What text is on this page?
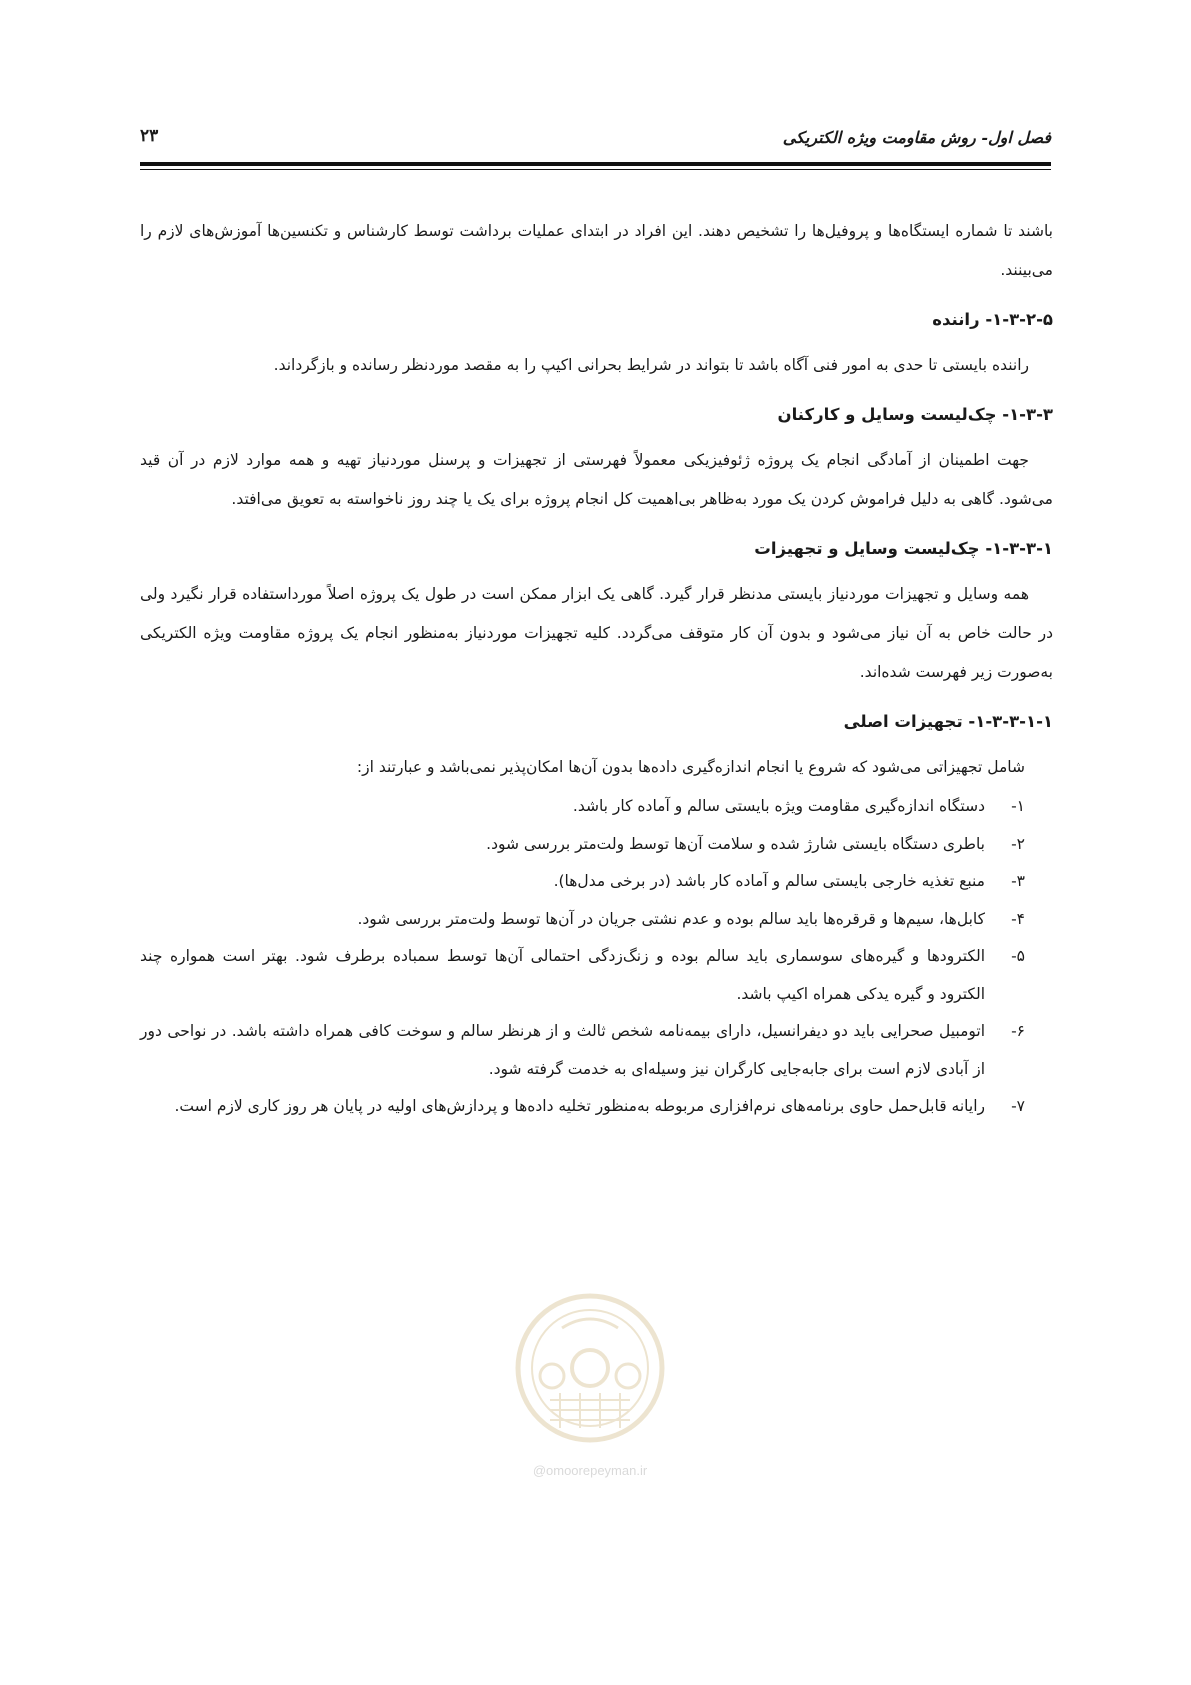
فصل اول- روش مقاومت ویژه الکتریکی
۲۳

باشند تا شماره ایستگاه‌ها و پروفیل‌ها را تشخیص دهند. این افراد در ابتدای عملیات برداشت توسط کارشناس و تکنسین‌ها آموزش‌های لازم را می‌بینند.

۱-۳-۲-۵- راننده

راننده بایستی تا حدی به امور فنی آگاه باشد تا بتواند در شرایط بحرانی اکیپ را به مقصد موردنظر رسانده و بازگرداند.

۱-۳-۳- چک‌لیست وسایل و کارکنان

جهت اطمینان از آمادگی انجام یک پروژه ژئوفیزیکی معمولاً فهرستی از تجهیزات و پرسنل موردنیاز تهیه و همه موارد لازم در آن قید می‌شود. گاهی به دلیل فراموش کردن یک مورد به‌ظاهر بی‌اهمیت کل انجام پروژه برای یک یا چند روز ناخواسته به تعویق می‌افتد.

۱-۳-۳-۱- چک‌لیست وسایل و تجهیزات

همه وسایل و تجهیزات موردنیاز بایستی مدنظر قرار گیرد. گاهی یک ابزار ممکن است در طول یک پروژه اصلاً مورداستفاده قرار نگیرد ولی در حالت خاص به آن نیاز می‌شود و بدون آن کار متوقف می‌گردد. کلیه تجهیزات موردنیاز به‌منظور انجام یک پروژه مقاومت ویژه الکتریکی به‌صورت زیر فهرست شده‌اند.

۱-۳-۳-۱-۱- تجهیزات اصلی

شامل تجهیزاتی می‌شود که شروع یا انجام اندازه‌گیری داده‌ها بدون آن‌ها امکان‌پذیر نمی‌باشد و عبارتند از:

۱-
دستگاه اندازه‌گیری مقاومت ویژه بایستی سالم و آماده کار باشد.
۲-
باطری دستگاه بایستی شارژ شده و سلامت آن‌ها توسط ولت‌متر بررسی شود.
۳-
منبع تغذیه خارجی بایستی سالم و آماده کار باشد (در برخی مدل‌ها).
۴-
کابل‌ها، سیم‌ها و قرقره‌ها باید سالم بوده و عدم نشتی جریان در آن‌ها توسط ولت‌متر بررسی شود.
۵-
الکترودها و گیره‌های سوسماری باید سالم بوده و زنگ‌زدگی احتمالی آن‌ها توسط سمباده برطرف شود. بهتر است همواره چند الکترود و گیره یدکی همراه اکیپ باشد.
۶-
اتومبیل صحرایی باید دو دیفرانسیل، دارای بیمه‌نامه شخص ثالث و از هرنظر سالم و سوخت کافی همراه داشته باشد. در نواحی دور از آبادی لازم است برای جابه‌جایی کارگران نیز وسیله‌ای به خدمت گرفته شود.
۷-
رایانه قابل‌حمل حاوی برنامه‌های نرم‌افزاری مربوطه به‌منظور تخلیه داده‌ها و پردازش‌های اولیه در پایان هر روز کاری لازم است.
@omoorepeyman.ir
